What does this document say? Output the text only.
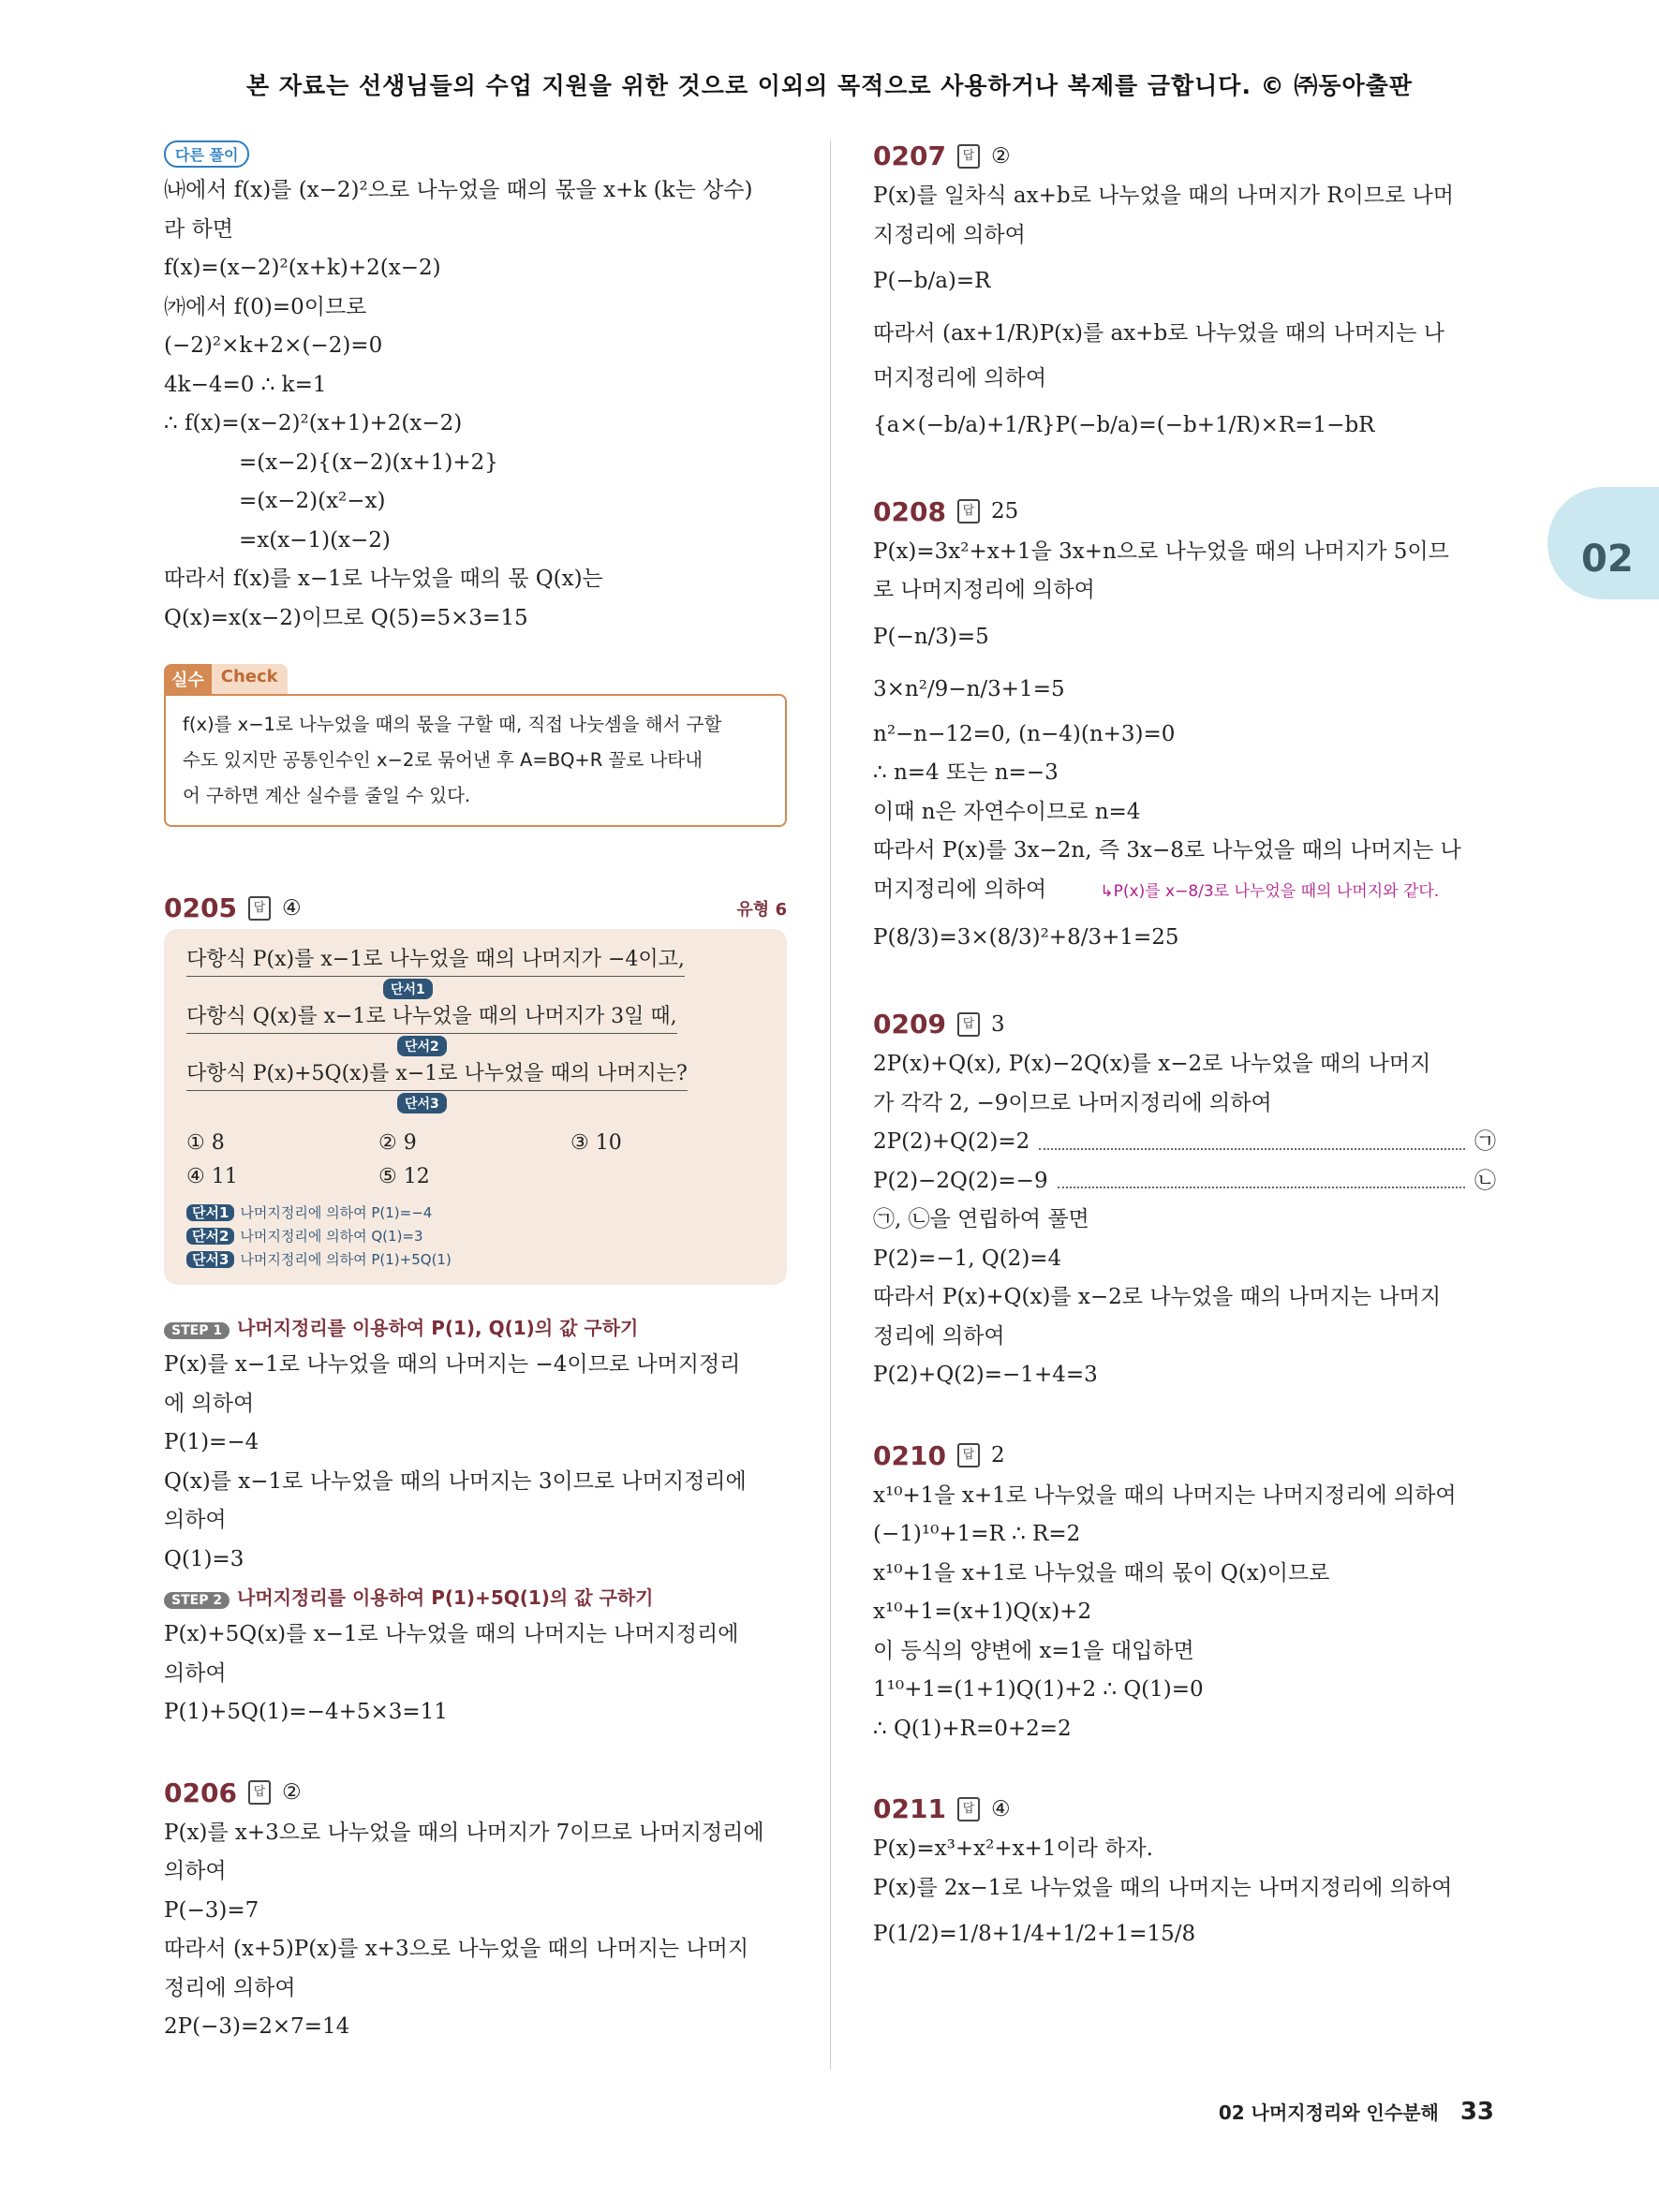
본 자료는 선생님들의 수업 지원을 위한 것으로 이외의 목적으로 사용하거나 복제를 금합니다. © ㈜동아출판
02
다른 풀이
㈏에서 f(x)를 (x−2)²으로 나누었을 때의 몫을 x+k (k는 상수)
라 하면
f(x)=(x−2)²(x+k)+2(x−2)
㈎에서 f(0)=0이므로
(−2)²×k+2×(−2)=0
4k−4=0 ∴ k=1
∴ f(x)=(x−2)²(x+1)+2(x−2)
=(x−2){(x−2)(x+1)+2}
=(x−2)(x²−x)
=x(x−1)(x−2)
따라서 f(x)를 x−1로 나누었을 때의 몫 Q(x)는
Q(x)=x(x−2)이므로 Q(5)=5×3=15
실수	Check
f(x)를 x−1로 나누었을 때의 몫을 구할 때, 직접 나눗셈을 해서 구할
수도 있지만 공통인수인 x−2로 묶어낸 후 A=BQ+R 꼴로 나타내
어 구하면 계산 실수를 줄일 수 있다.
0205	답 ④	유형 6
다항식 P(x)를 x−1로 나누었을 때의 나머지가 −4이고,
단서1
다항식 Q(x)를 x−1로 나누었을 때의 나머지가 3일 때,
단서2
다항식 P(x)+5Q(x)를 x−1로 나누었을 때의 나머지는?
단서3
① 8	② 9	③ 10
④ 11	⑤ 12
단서1 나머지정리에 의하여 P(1)=−4
단서2 나머지정리에 의하여 Q(1)=3
단서3 나머지정리에 의하여 P(1)+5Q(1)
STEP 1 나머지정리를 이용하여 P(1), Q(1)의 값 구하기
P(x)를 x−1로 나누었을 때의 나머지는 −4이므로 나머지정리
에 의하여
P(1)=−4
Q(x)를 x−1로 나누었을 때의 나머지는 3이므로 나머지정리에
의하여
Q(1)=3
STEP 2 나머지정리를 이용하여 P(1)+5Q(1)의 값 구하기
P(x)+5Q(x)를 x−1로 나누었을 때의 나머지는 나머지정리에
의하여
P(1)+5Q(1)=−4+5×3=11
0206	답 ②
P(x)를 x+3으로 나누었을 때의 나머지가 7이므로 나머지정리에
의하여
P(−3)=7
따라서 (x+5)P(x)를 x+3으로 나누었을 때의 나머지는 나머지
정리에 의하여
2P(−3)=2×7=14
0207	답 ②
P(x)를 일차식 ax+b로 나누었을 때의 나머지가 R이므로 나머
지정리에 의하여
P(−b/a)=R
따라서 (ax+1/R)P(x)를 ax+b로 나누었을 때의 나머지는 나
머지정리에 의하여
{a×(−b/a)+1/R}P(−b/a)=(−b+1/R)×R=1−bR
0208	답 25
P(x)=3x²+x+1을 3x+n으로 나누었을 때의 나머지가 5이므
로 나머지정리에 의하여
P(−n/3)=5
3×n²/9−n/3+1=5
n²−n−12=0, (n−4)(n+3)=0
∴ n=4 또는 n=−3
이때 n은 자연수이므로 n=4
따라서 P(x)를 3x−2n, 즉 3x−8로 나누었을 때의 나머지는 나
머지정리에 의하여	↳P(x)를 x−8/3로 나누었을 때의 나머지와 같다.
P(8/3)=3×(8/3)²+8/3+1=25
0209	답 3
2P(x)+Q(x), P(x)−2Q(x)를 x−2로 나누었을 때의 나머지
가 각각 2, −9이므로 나머지정리에 의하여
2P(2)+Q(2)=2	㉠
P(2)−2Q(2)=−9	㉡
㉠, ㉡을 연립하여 풀면
P(2)=−1, Q(2)=4
따라서 P(x)+Q(x)를 x−2로 나누었을 때의 나머지는 나머지
정리에 의하여
P(2)+Q(2)=−1+4=3
0210	답 2
x¹⁰+1을 x+1로 나누었을 때의 나머지는 나머지정리에 의하여
(−1)¹⁰+1=R ∴ R=2
x¹⁰+1을 x+1로 나누었을 때의 몫이 Q(x)이므로
x¹⁰+1=(x+1)Q(x)+2
이 등식의 양변에 x=1을 대입하면
1¹⁰+1=(1+1)Q(1)+2 ∴ Q(1)=0
∴ Q(1)+R=0+2=2
0211	답 ④
P(x)=x³+x²+x+1이라 하자.
P(x)를 2x−1로 나누었을 때의 나머지는 나머지정리에 의하여
P(1/2)=1/8+1/4+1/2+1=15/8
02 나머지정리와 인수분해 33
